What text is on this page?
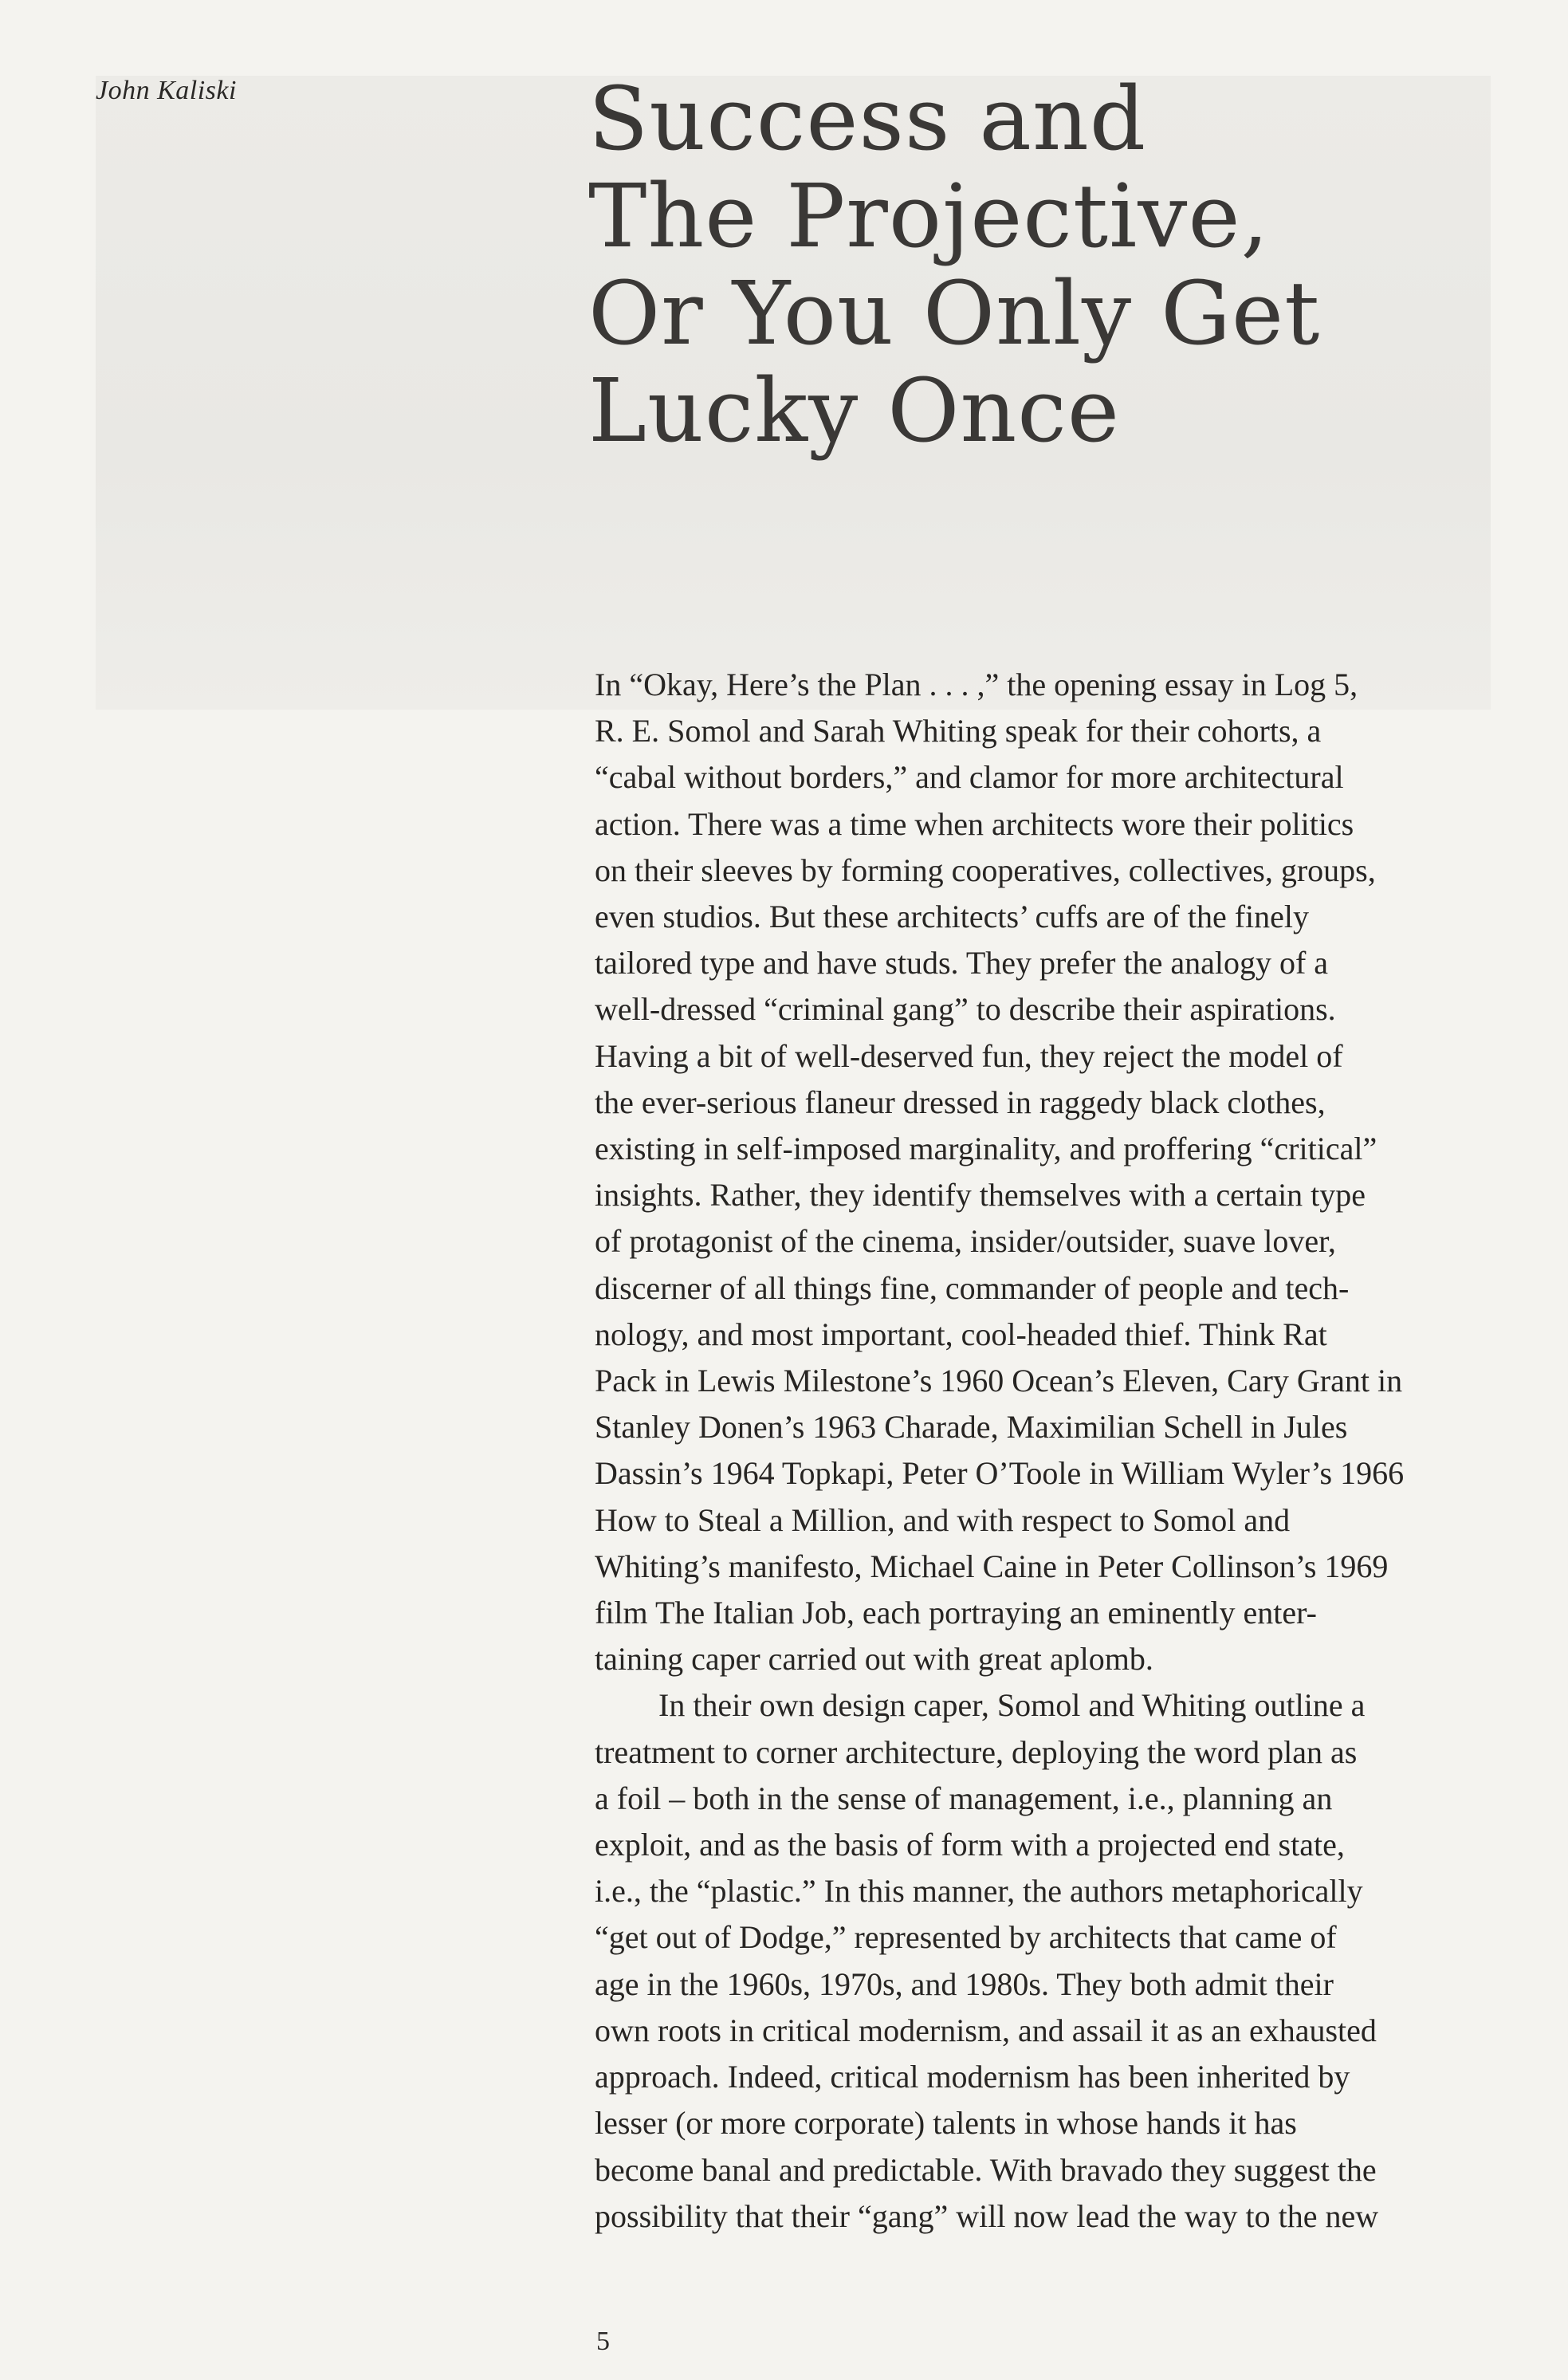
John Kaliski	Success and
The Projective,
Or You Only Get
Lucky Once
In “Okay, Here’s the Plan . . . ,” the opening essay in Log 5,
R. E. Somol and Sarah Whiting speak for their cohorts, a
“cabal without borders,” and clamor for more architectural
action. There was a time when architects wore their politics
on their sleeves by forming cooperatives, collectives, groups,
even studios. But these architects’ cuffs are of the finely
tailored type and have studs. They prefer the analogy of a
well-dressed “criminal gang” to describe their aspirations.
Having a bit of well-deserved fun, they reject the model of
the ever-serious flaneur dressed in raggedy black clothes,
existing in self-imposed marginality, and proffering “critical”
insights. Rather, they identify themselves with a certain type
of protagonist of the cinema, insider/outsider, suave lover,
discerner of all things fine, commander of people and tech-
nology, and most important, cool-headed thief. Think Rat
Pack in Lewis Milestone’s 1960 Ocean’s Eleven, Cary Grant in
Stanley Donen’s 1963 Charade, Maximilian Schell in Jules
Dassin’s 1964 Topkapi, Peter O’Toole in William Wyler’s 1966
How to Steal a Million, and with respect to Somol and
Whiting’s manifesto, Michael Caine in Peter Collinson’s 1969
film The Italian Job, each portraying an eminently enter-
taining caper carried out with great aplomb.
In their own design caper, Somol and Whiting outline a
treatment to corner architecture, deploying the word plan as
a foil – both in the sense of management, i.e., planning an
exploit, and as the basis of form with a projected end state,
i.e., the “plastic.” In this manner, the authors metaphorically
“get out of Dodge,” represented by architects that came of
age in the 1960s, 1970s, and 1980s. They both admit their
own roots in critical modernism, and assail it as an exhausted
approach. Indeed, critical modernism has been inherited by
lesser (or more corporate) talents in whose hands it has
become banal and predictable. With bravado they suggest the
possibility that their “gang” will now lead the way to the new
5
